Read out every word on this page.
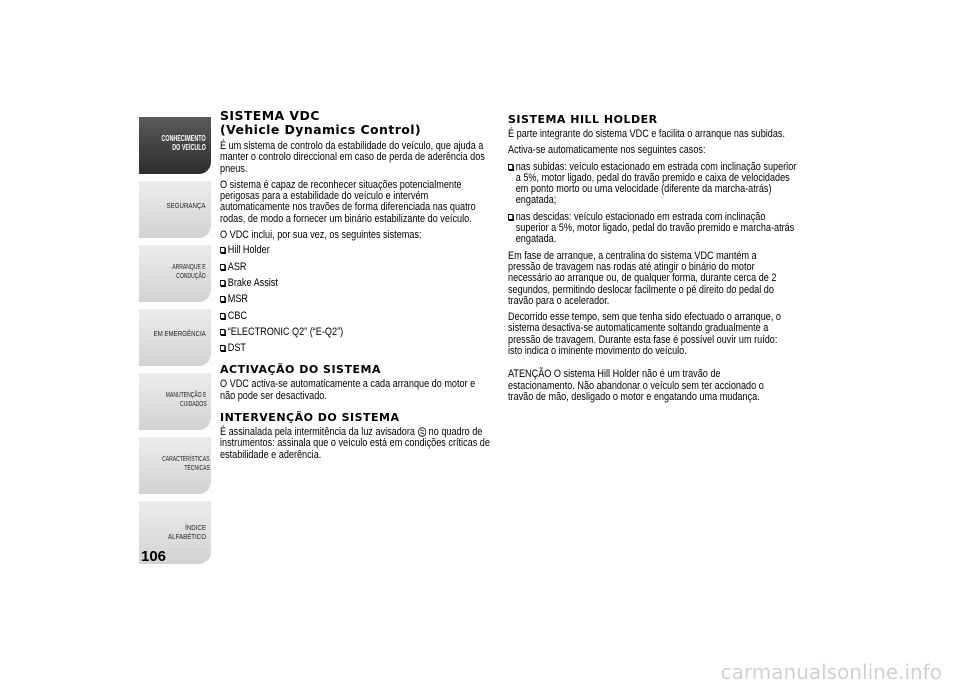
CONHECIMENTO
DO VEÍCULO
SEGURANÇA
ARRANQUE E
CONDUÇÃO
EM EMERGÊNCIA
MANUTENÇÃO E
CUIDADOS
CARACTERÍSTICAS
TÉCNICAS
ÍNDICE ALFABÉTICO
106
SISTEMA VDC
(Vehicle Dynamics Control)

É um sistema de controlo da estabilidade do veículo, que ajuda a manter o controlo direccional em caso de perda de aderência dos pneus.

O sistema é capaz de reconhecer situações potencialmente perigosas para a estabilidade do veículo e intervém automaticamente nos travões de forma diferenciada nas quatro rodas, de modo a fornecer um binário estabilizante do veículo.

O VDC inclui, por sua vez, os seguintes sistemas:

Hill Holder
ASR
Brake Assist
MSR
CBC
“ELECTRONIC Q2” (“E-Q2”)
DST
ACTIVAÇÃO DO SISTEMA

O VDC activa-se automaticamente a cada arranque do motor e não pode ser desactivado.

INTERVENÇÃO DO SISTEMA

É assinalada pela intermitência da luz avisadora no quadro de instrumentos: assinala que o veículo está em condições críticas de estabilidade e aderência.

SISTEMA HILL HOLDER

É parte integrante do sistema VDC e facilita o arranque nas subidas.

Activa-se automaticamente nos seguintes casos:

nas subidas: veículo estacionado em estrada com inclinação superior a 5%, motor ligado, pedal do travão premido e caixa de velocidades em ponto morto ou uma velocidade (diferente da marcha-atrás) engatada;
nas descidas: veículo estacionado em estrada com inclinação superior a 5%, motor ligado, pedal do travão premido e marcha-atrás engatada.

Em fase de arranque, a centralina do sistema VDC mantém a pressão de travagem nas rodas até atingir o binário do motor necessário ao arranque ou, de qualquer forma, durante cerca de 2 segundos, permitindo deslocar facilmente o pé direito do pedal do travão para o acelerador.

Decorrido esse tempo, sem que tenha sido efectuado o arranque, o sistema desactiva-se automaticamente soltando gradualmente a pressão de travagem. Durante esta fase é possível ouvir um ruído: isto indica o iminente movimento do veículo.

ATENÇÃO O sistema Hill Holder não é um travão de estacionamento. Não abandonar o veículo sem ter accionado o travão de mão, desligado o motor e engatando uma mudança.

carmanualsonline.info
